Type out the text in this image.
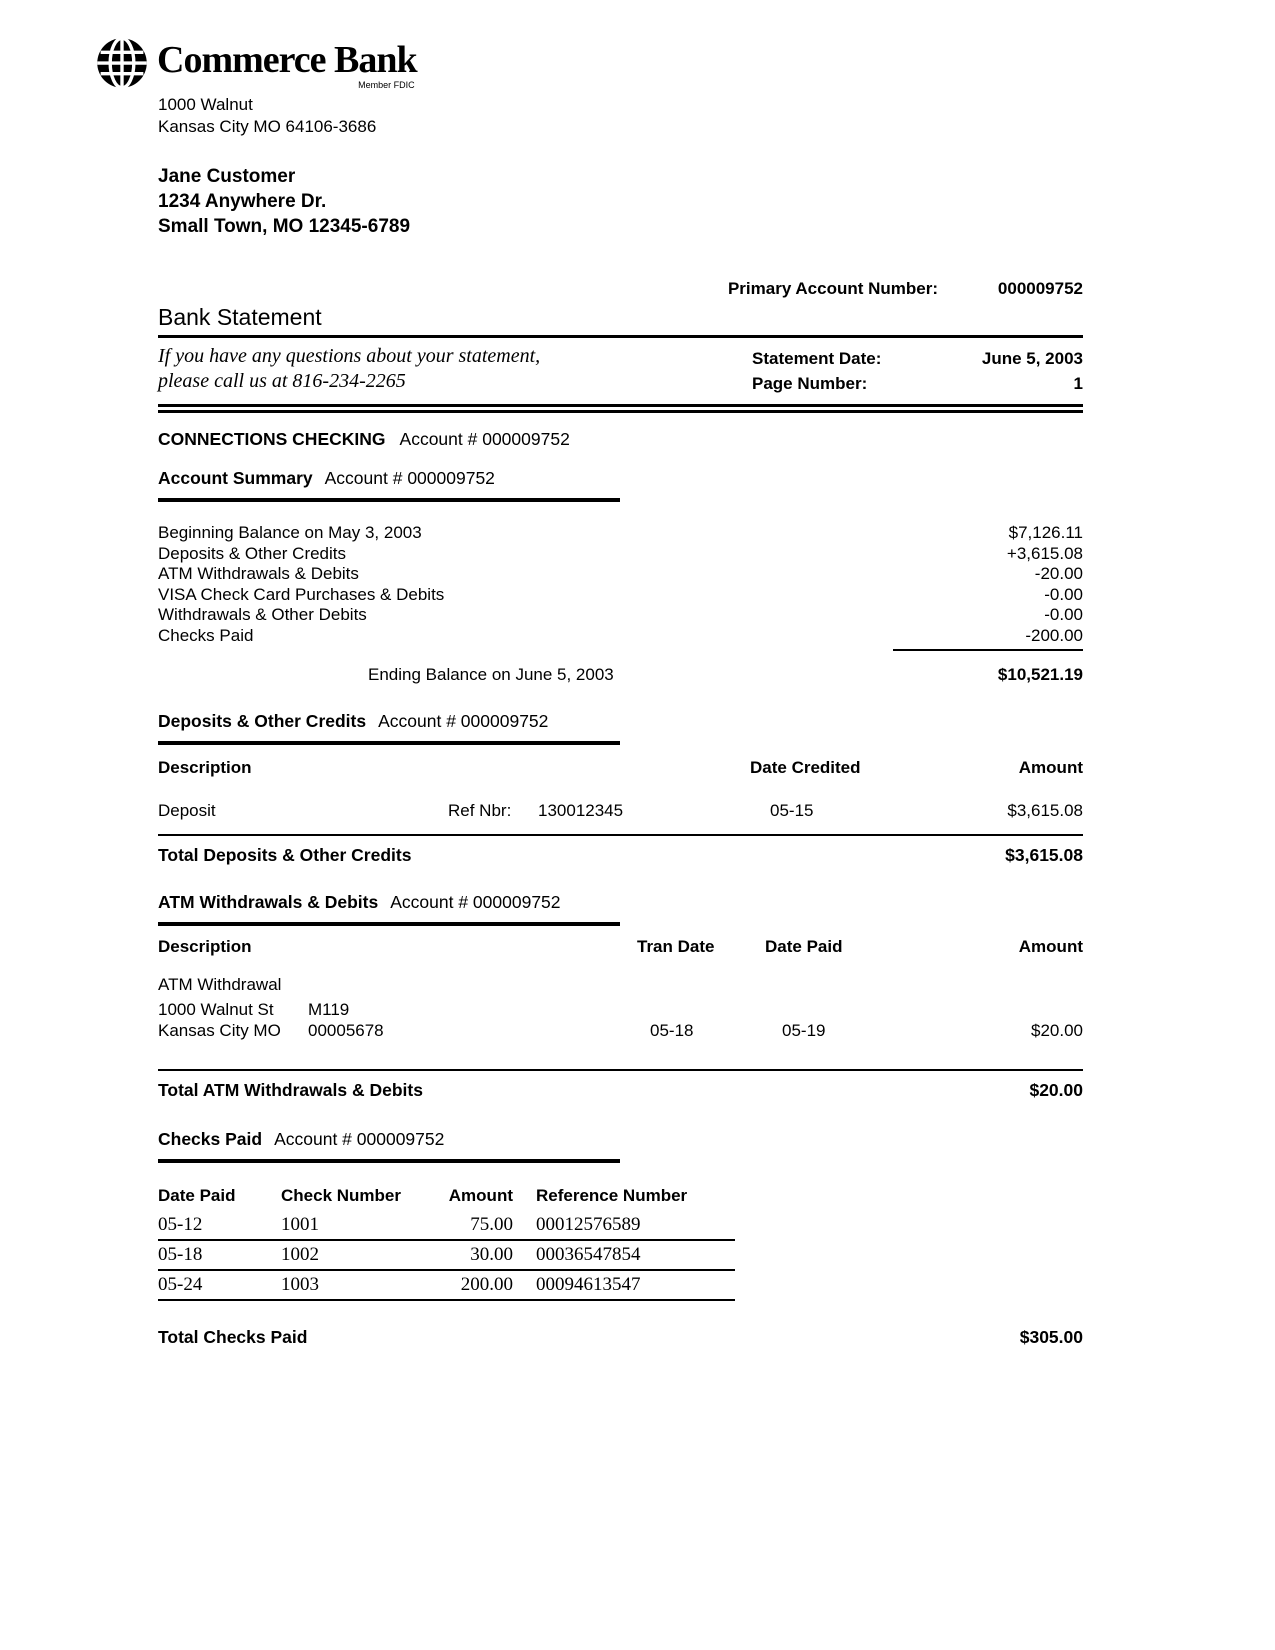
Commerce Bank
Member FDIC
1000 Walnut
Kansas City MO 64106-3686
Jane Customer
1234 Anywhere Dr.
Small Town, MO 12345-6789
Primary Account Number:	000009752
Bank Statement
If you have any questions about your statement,
please call us at 816-234-2265
Statement Date:	June 5, 2003
Page Number:	1
CONNECTIONS CHECKING Account # 000009752
Account Summary Account # 000009752
Beginning Balance on May 3, 2003	$7,126.11
Deposits & Other Credits	+3,615.08
ATM Withdrawals & Debits	-20.00
VISA Check Card Purchases & Debits	-0.00
Withdrawals & Other Debits	-0.00
Checks Paid	-200.00
Ending Balance on June 5, 2003	$10,521.19
Deposits & Other Credits Account # 000009752
Description	Date Credited	Amount
Deposit	Ref Nbr:	130012345	05-15	$3,615.08
Total Deposits & Other Credits	$3,615.08
ATM Withdrawals & Debits Account # 000009752
Description	Tran Date	Date Paid	Amount
ATM Withdrawal
1000 Walnut St	M119
Kansas City MO	00005678	05-18	05-19	$20.00
Total ATM Withdrawals & Debits	$20.00
Checks Paid Account # 000009752
Date Paid	Check Number	Amount	Reference Number
05-12	1001	75.00	00012576589
05-18	1002	30.00	00036547854
05-24	1003	200.00	00094613547
Total Checks Paid	$305.00
